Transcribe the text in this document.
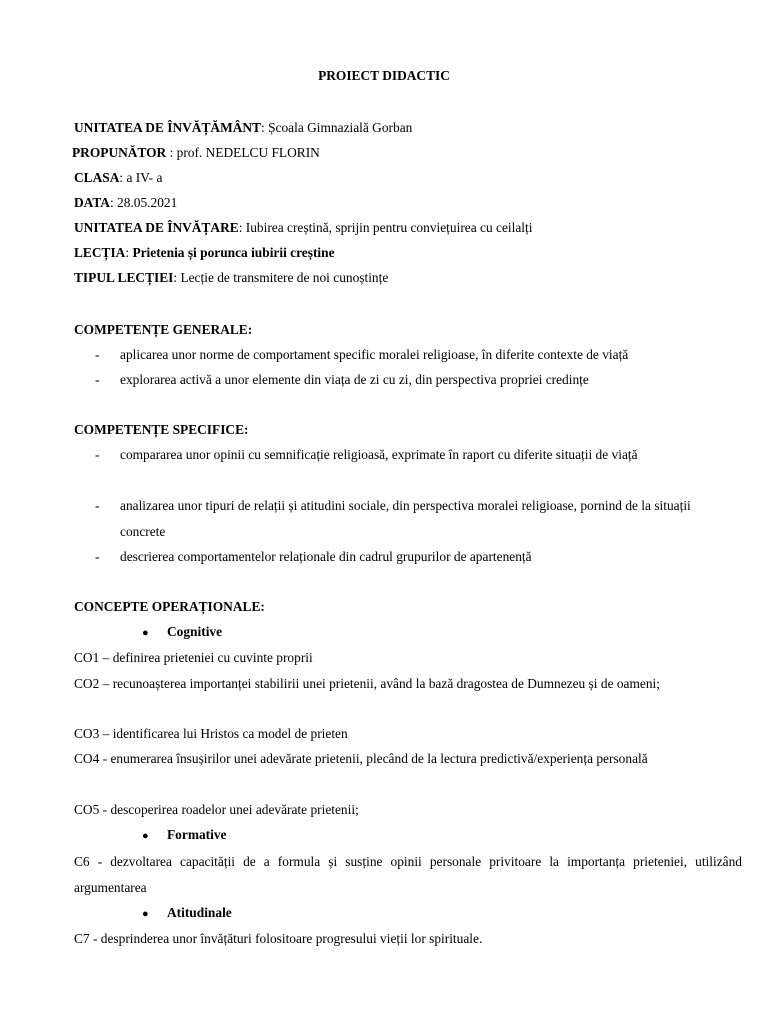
PROIECT DIDACTIC
UNITATEA DE ÎNVĂȚĂMÂNT: Școala Gimnazială Gorban
PROPUNĂTOR : prof. NEDELCU FLORIN
CLASA: a IV- a
DATA: 28.05.2021
UNITATEA DE ÎNVĂȚARE: Iubirea creștină, sprijin pentru conviețuirea cu ceilalți
LECȚIA: Prietenia și porunca iubirii creștine
TIPUL LECȚIEI: Lecție de transmitere de noi cunoștințe
COMPETENȚE GENERALE:
- aplicarea unor norme de comportament specific moralei religioase, în diferite contexte de viață
- explorarea activă a unor elemente din viața de zi cu zi, din perspectiva propriei credințe
COMPETENȚE SPECIFICE:
- compararea unor opinii cu semnificație religioasă, exprimate în raport cu diferite situații de viață
- analizarea unor tipuri de relații și atitudini sociale, din perspectiva moralei religioase, pornind de la situații concrete
- descrierea comportamentelor relaționale din cadrul grupurilor de apartenență
CONCEPTE OPERAȚIONALE:
● Cognitive
CO1 – definirea prieteniei cu cuvinte proprii
CO2 – recunoașterea importanței stabilirii unei prietenii, având la bază dragostea de Dumnezeu și de oameni;
CO3 – identificarea lui Hristos ca model de prieten
CO4 - enumerarea însușirilor unei adevărate prietenii, plecând de la lectura predictivă/experiența personală
CO5 - descoperirea roadelor unei adevărate prietenii;
● Formative
C6 - dezvoltarea capacității de a formula și susține opinii personale privitoare la importanța prieteniei, utilizând argumentarea
● Atitudinale
C7 - desprinderea unor învățături folositoare progresului vieții lor spirituale.
